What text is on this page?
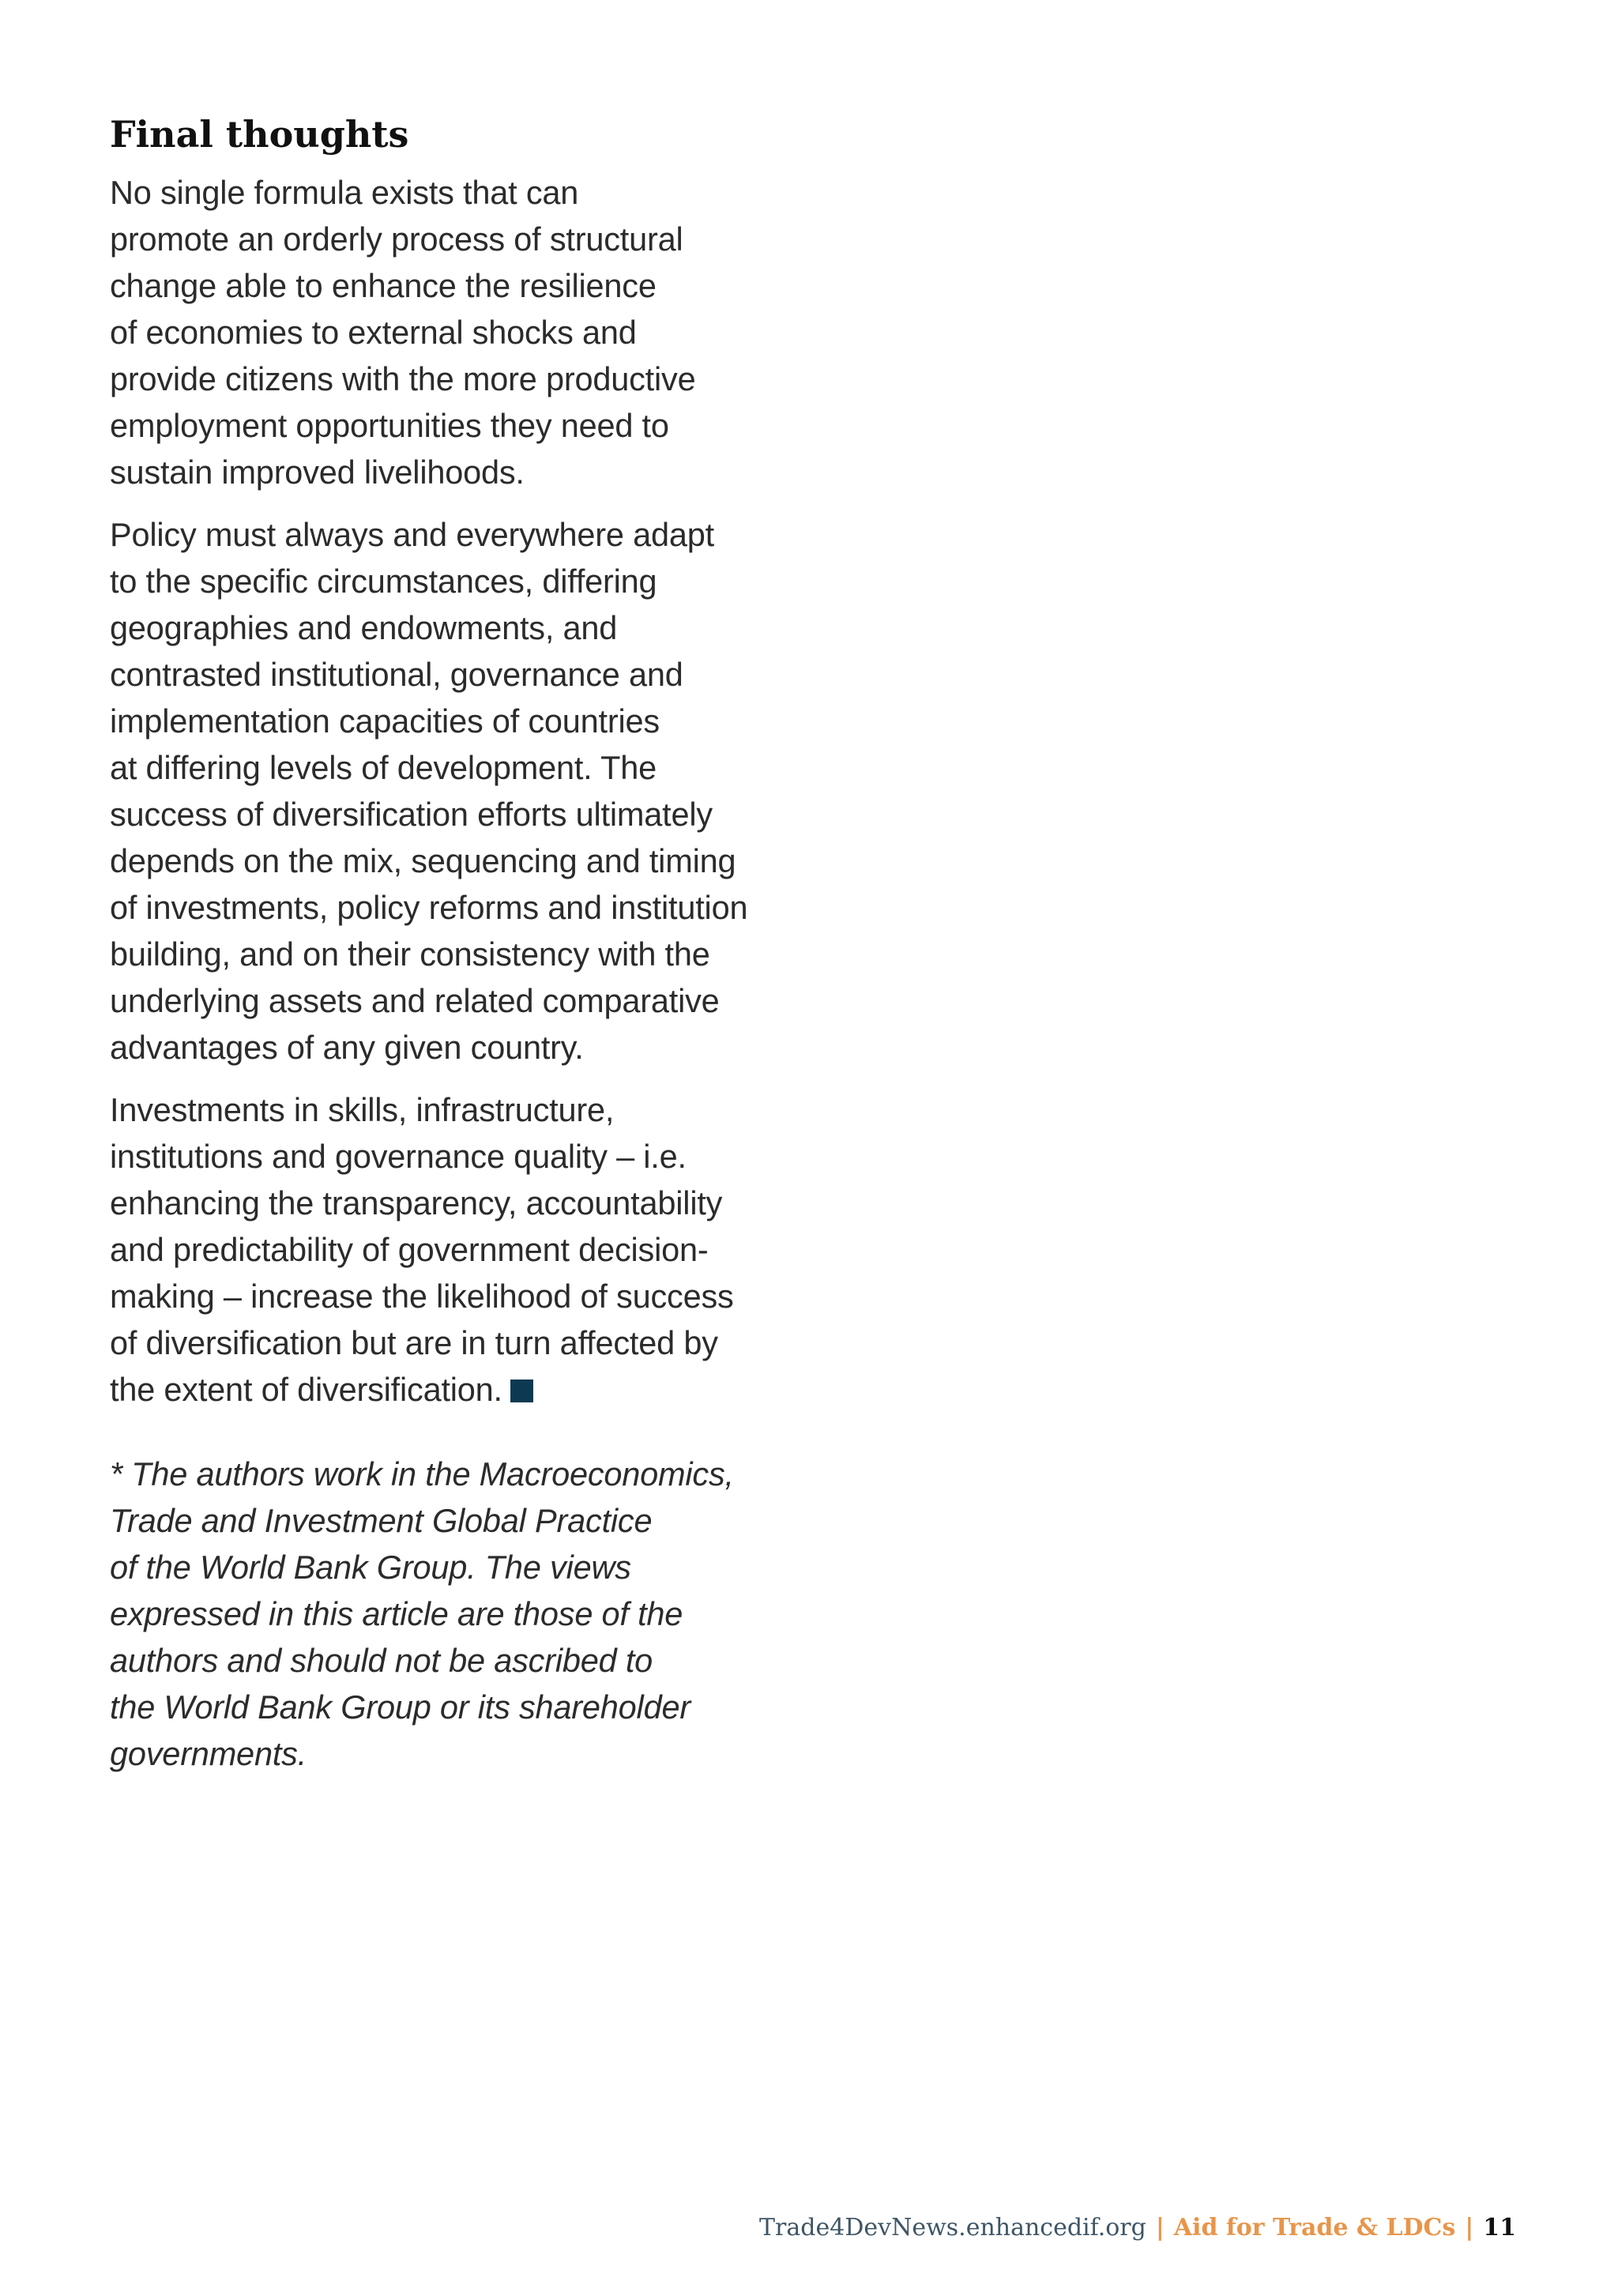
Final thoughts

No single formula exists that can
promote an orderly process of structural
change able to enhance the resilience
of economies to external shocks and
provide citizens with the more productive
employment opportunities they need to
sustain improved livelihoods.

Policy must always and everywhere adapt
to the specific circumstances, differing
geographies and endowments, and
contrasted institutional, governance and
implementation capacities of countries
at differing levels of development. The
success of diversification efforts ultimately
depends on the mix, sequencing and timing
of investments, policy reforms and institution
building, and on their consistency with the
underlying assets and related comparative
advantages of any given country.

Investments in skills, infrastructure,
institutions and governance quality – i.e.
enhancing the transparency, accountability
and predictability of government decision-
making – increase the likelihood of success
of diversification but are in turn affected by
the extent of diversification.

* The authors work in the Macroeconomics,
Trade and Investment Global Practice
of the World Bank Group. The views
expressed in this article are those of the
authors and should not be ascribed to
the World Bank Group or its shareholder
governments.
Trade4DevNews.enhancedif.org | Aid for Trade & LDCs | 11
